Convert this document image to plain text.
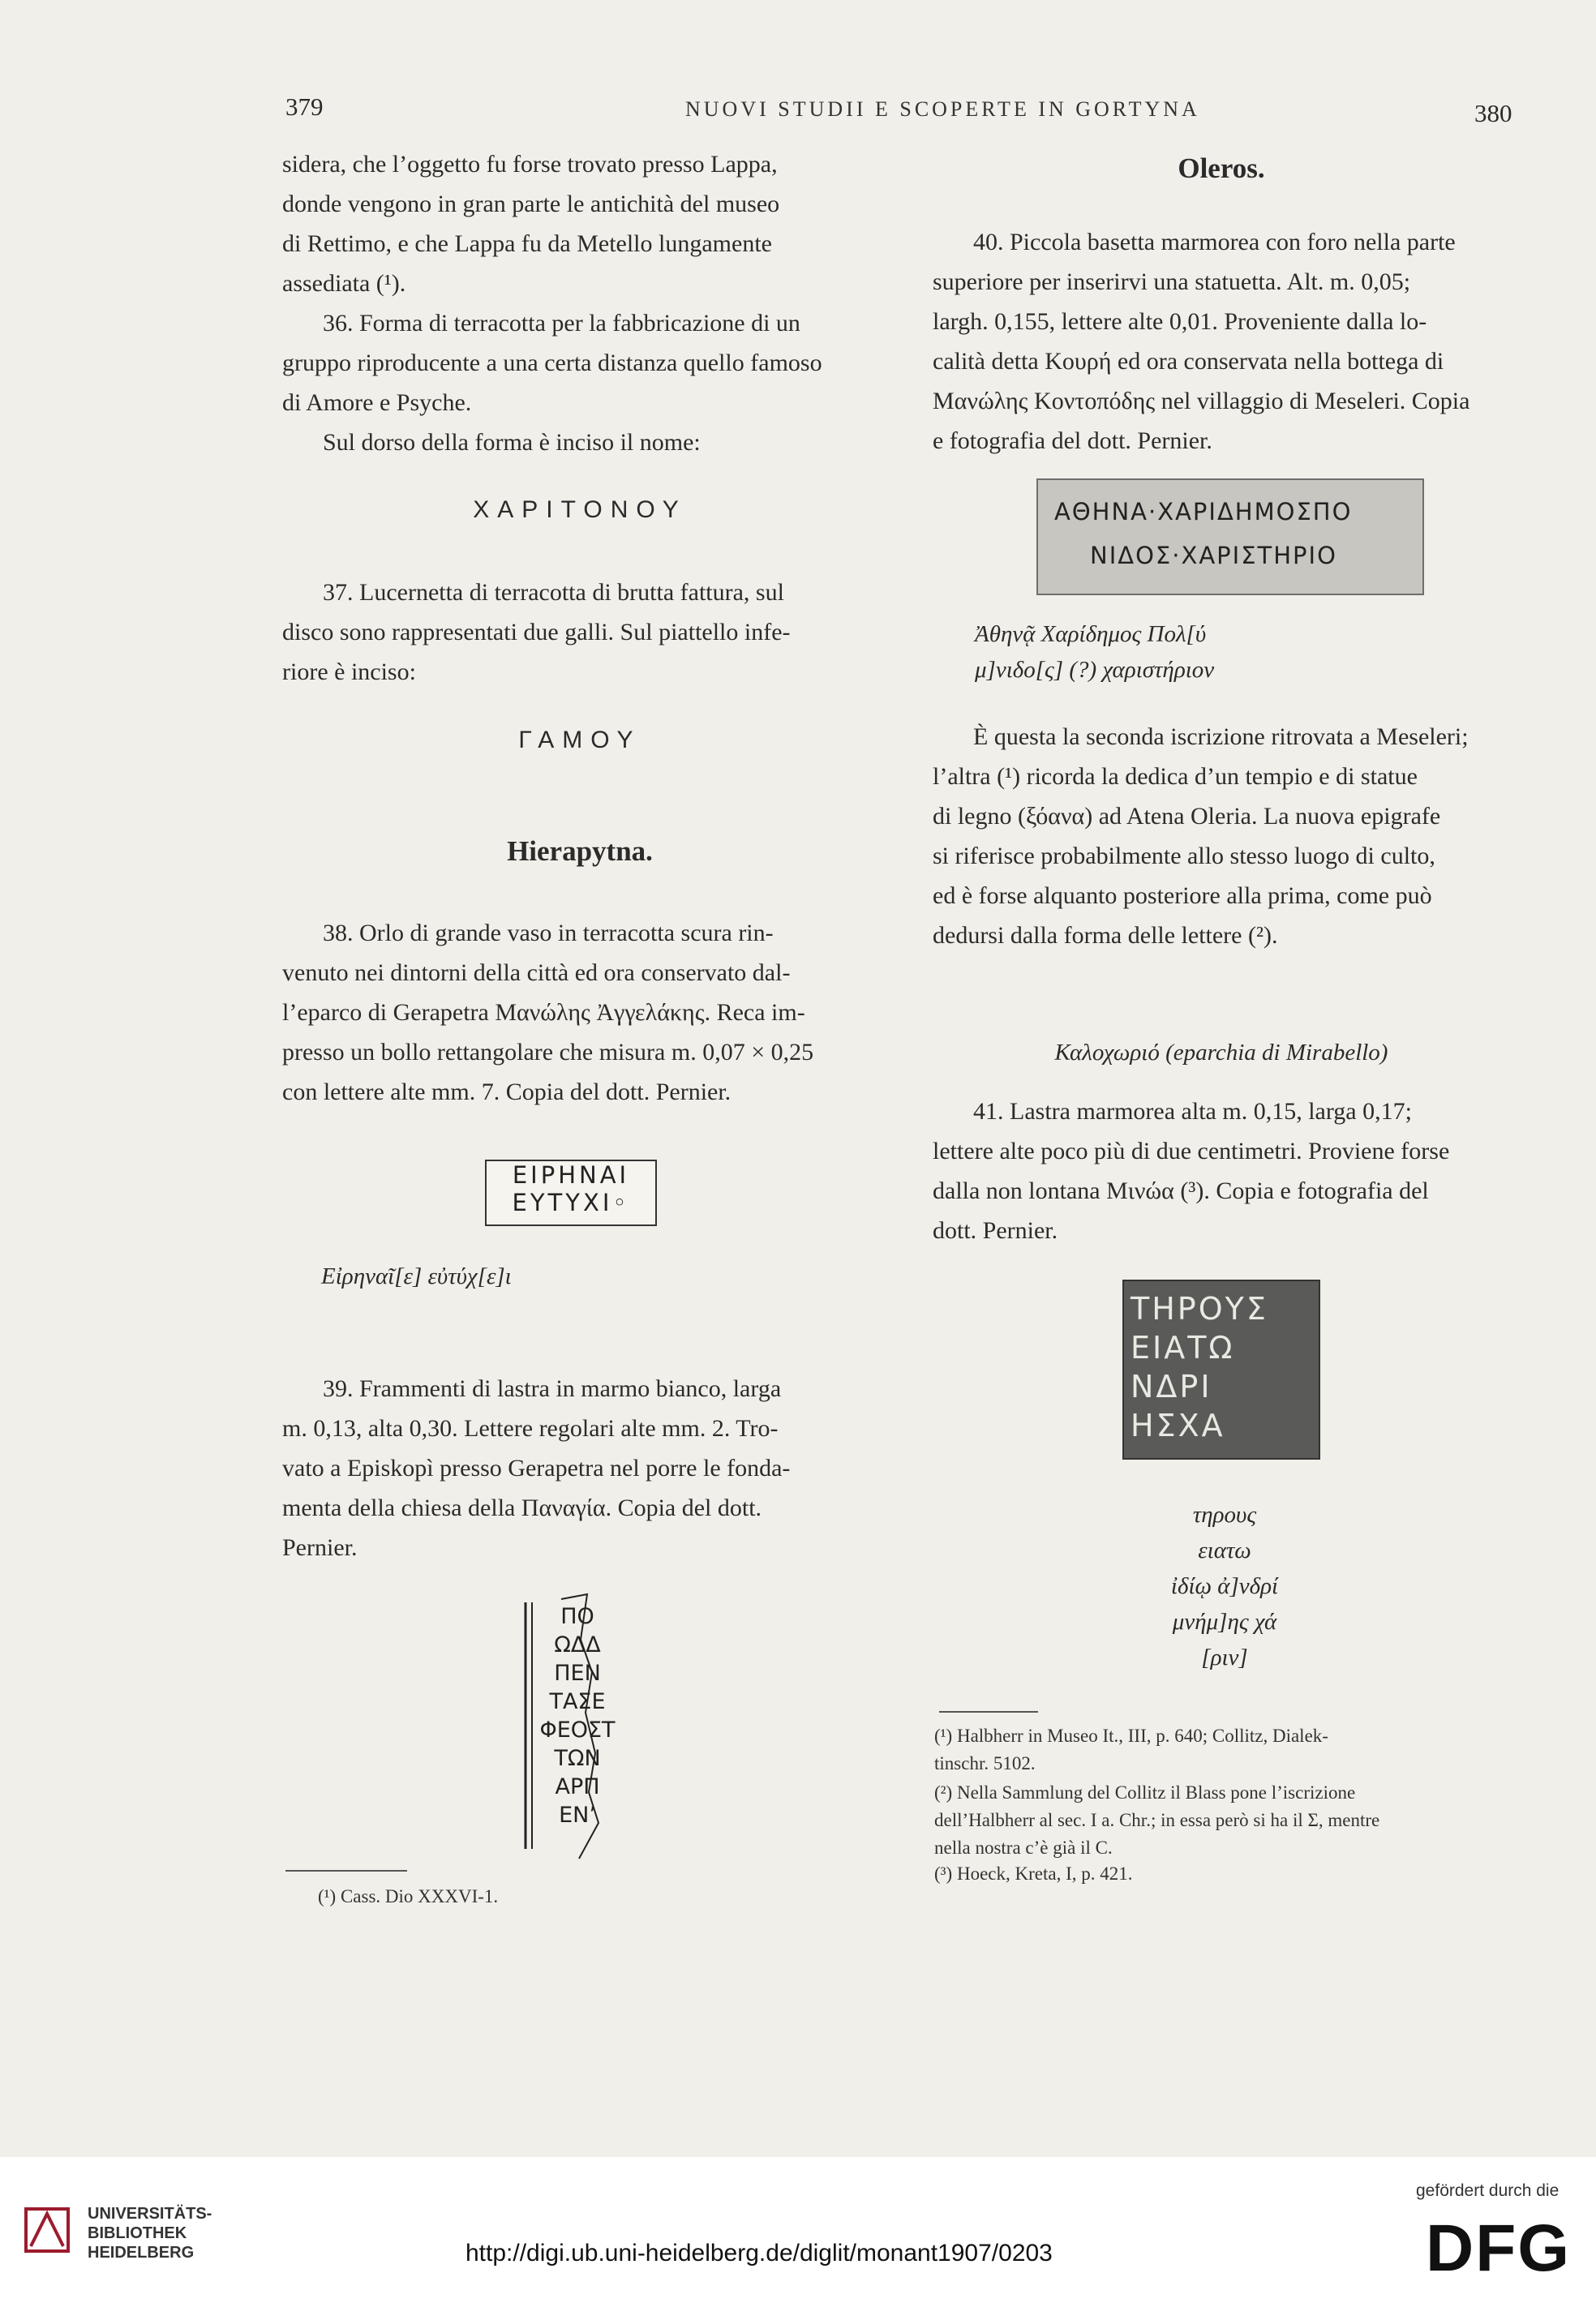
379	NUOVI STUDII E SCOPERTE IN GORTYNA	380
sidera, che l’oggetto fu forse trovato presso Lappa,
donde vengono in gran parte le antichità del museo
di Rettimo, e che Lappa fu da Metello lungamente
assediata (¹).
36. Forma di terracotta per la fabbricazione di un
gruppo riproducente a una certa distanza quello famoso
di Amore e Psyche.
Sul dorso della forma è inciso il nome:
ΧΑΡΙΤΟΝΟΥ
37. Lucernetta di terracotta di brutta fattura, sul
disco sono rappresentati due galli. Sul piattello infe-
riore è inciso:
ΓΑΜΟΥ
Hierapytna.
38. Orlo di grande vaso in terracotta scura rin-
venuto nei dintorni della città ed ora conservato dal-
l’eparco di Gerapetra Μανώλης Ἀγγελάκης. Reca im-
presso un bollo rettangolare che misura m. 0,07 × 0,25
con lettere alte mm. 7. Copia del dott. Pernier.
ΕΙΡΗΝΑΙ
ΕΥΤΥΧΙ◦
Εἰρηναῖ[ε] εὐτύχ[ε]ι
39. Frammenti di lastra in marmo bianco, larga
m. 0,13, alta 0,30. Lettere regolari alte mm. 2. Tro-
vato a Episkopì presso Gerapetra nel porre le fonda-
menta della chiesa della Παναγία. Copia del dott.
Pernier.
ΠΟ
ΩΔΔ
ΠΕΝ
ΤΑΣΕ
ΦΕΟΣΤ
ΤΩΝ
ΑΡΠ
ΕΝ’
(¹) Cass. Dio XXXVI-1.
Oleros.
40. Piccola basetta marmorea con foro nella parte
superiore per inserirvi una statuetta. Alt. m. 0,05;
largh. 0,155, lettere alte 0,01. Proveniente dalla lo-
calità detta Κουρή ed ora conservata nella bottega di
Μανώλης Κοντοπόδης nel villaggio di Meseleri. Copia
e fotografia del dott. Pernier.
ΑΘΗΝΑ·ΧΑΡΙΔΗΜΟΣΠΟ
ΝΙΔΟΣ·ΧΑΡΙΣΤΗΡΙΟ
Ἀθηνᾷ Χαρίδημος Πολ[ύ
μ]νιδο[ς] (?) χαριστήριον
È questa la seconda iscrizione ritrovata a Meseleri;
l’altra (¹) ricorda la dedica d’un tempio e di statue
di legno (ξόανα) ad Atena Oleria. La nuova epigrafe
si riferisce probabilmente allo stesso luogo di culto,
ed è forse alquanto posteriore alla prima, come può
dedursi dalla forma delle lettere (²).
Καλοχωριό (eparchia di Mirabello)
41. Lastra marmorea alta m. 0,15, larga 0,17;
lettere alte poco più di due centimetri. Proviene forse
dalla non lontana Μινώα (³). Copia e fotografia del
dott. Pernier.
ΤΗΡΟΥΣ
ΕΙΑΤΩ
ΝΔΡΙ
ΗΣΧΑ
τηρους
ειατω
ἰδίῳ ἀ]νδρί
μνήμ]ης χά
[ριν]
(¹) Halbherr in Museo It., III, p. 640; Collitz, Dialek-
tinschr. 5102.
(²) Nella Sammlung del Collitz il Blass pone l’iscrizione
dell’Halbherr al sec. I a. Chr.; in essa però si ha il Σ, mentre
nella nostra c’è già il C.
(³) Hoeck, Kreta, I, p. 421.
UNIVERSITÄTS-
BIBLIOTHEK
HEIDELBERG	http://digi.ub.uni-heidelberg.de/diglit/monant1907/0203
gefördert durch die
DFG
